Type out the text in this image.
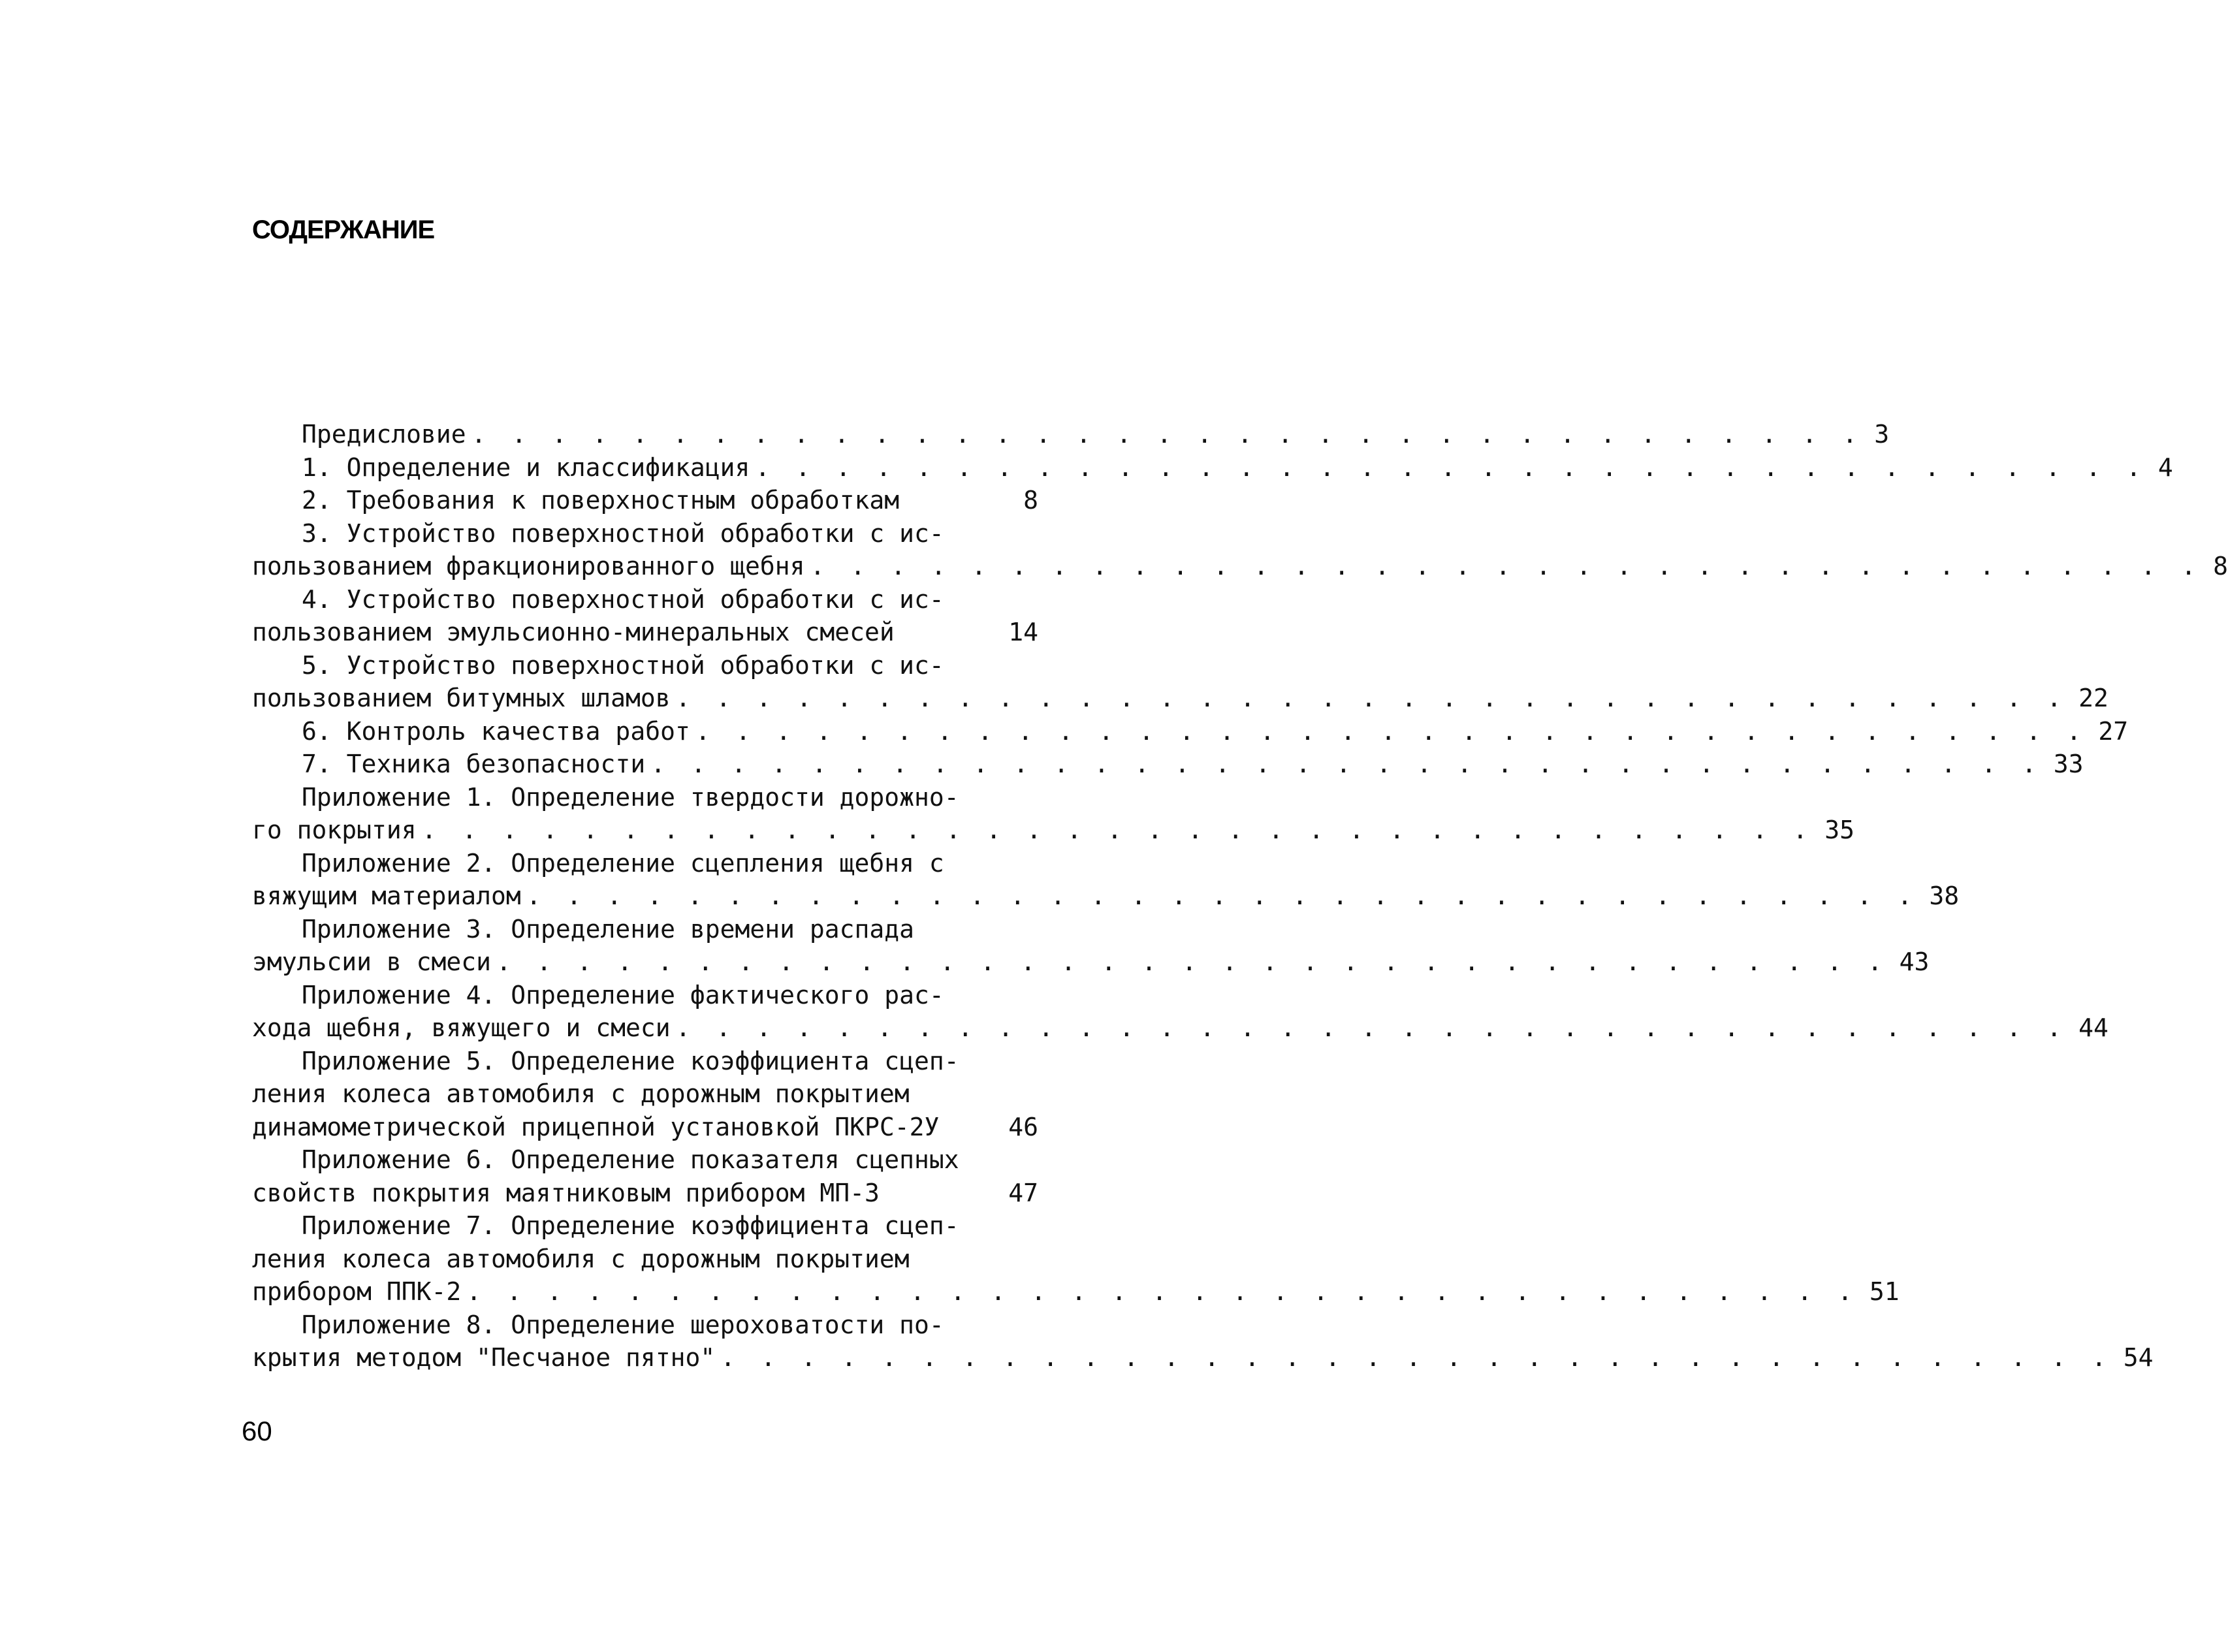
СОДЕРЖАНИЕ
Предисловие . . . . . . . . . . . . . . . . . . . . . . . . . . . . . . . . . . . 3
1. Определение и классификация . . . . . . . . . . . . . . . . . . . . . . . . . . . . . . . . . . . 4
2. Требования к поверхностным обработкам	8
3. Устройство поверхностной обработки с ис-
пользованием фракционированного щебня . . . . . . . . . . . . . . . . . . . . . . . . . . . . . . . . . . . 8
4. Устройство поверхностной обработки с ис-
пользованием эмульсионно-минеральных смесей	14
5. Устройство поверхностной обработки с ис-
пользованием битумных шламов . . . . . . . . . . . . . . . . . . . . . . . . . . . . . . . . . . . 22
6. Контроль качества работ . . . . . . . . . . . . . . . . . . . . . . . . . . . . . . . . . . . 27
7. Техника безопасности . . . . . . . . . . . . . . . . . . . . . . . . . . . . . . . . . . . 33
Приложение 1. Определение твердости дорожно-
го покрытия . . . . . . . . . . . . . . . . . . . . . . . . . . . . . . . . . . . 35
Приложение 2. Определение сцепления щебня с
вяжущим материалом . . . . . . . . . . . . . . . . . . . . . . . . . . . . . . . . . . . 38
Приложение 3. Определение времени распада
эмульсии в смеси . . . . . . . . . . . . . . . . . . . . . . . . . . . . . . . . . . . 43
Приложение 4. Определение фактического рас-
хода щебня, вяжущего и смеси . . . . . . . . . . . . . . . . . . . . . . . . . . . . . . . . . . . 44
Приложение 5. Определение коэффициента сцеп-
ления колеса автомобиля с дорожным покрытием
динамометрической прицепной установкой ПКРС-2У	46
Приложение 6. Определение показателя сцепных
свойств покрытия маятниковым прибором МП-3	47
Приложение 7. Определение коэффициента сцеп-
ления колеса автомобиля с дорожным покрытием
прибором ППК-2 . . . . . . . . . . . . . . . . . . . . . . . . . . . . . . . . . . . 51
Приложение 8. Определение шероховатости по-
крытия методом "Песчаное пятно" . . . . . . . . . . . . . . . . . . . . . . . . . . . . . . . . . . . 54
60
